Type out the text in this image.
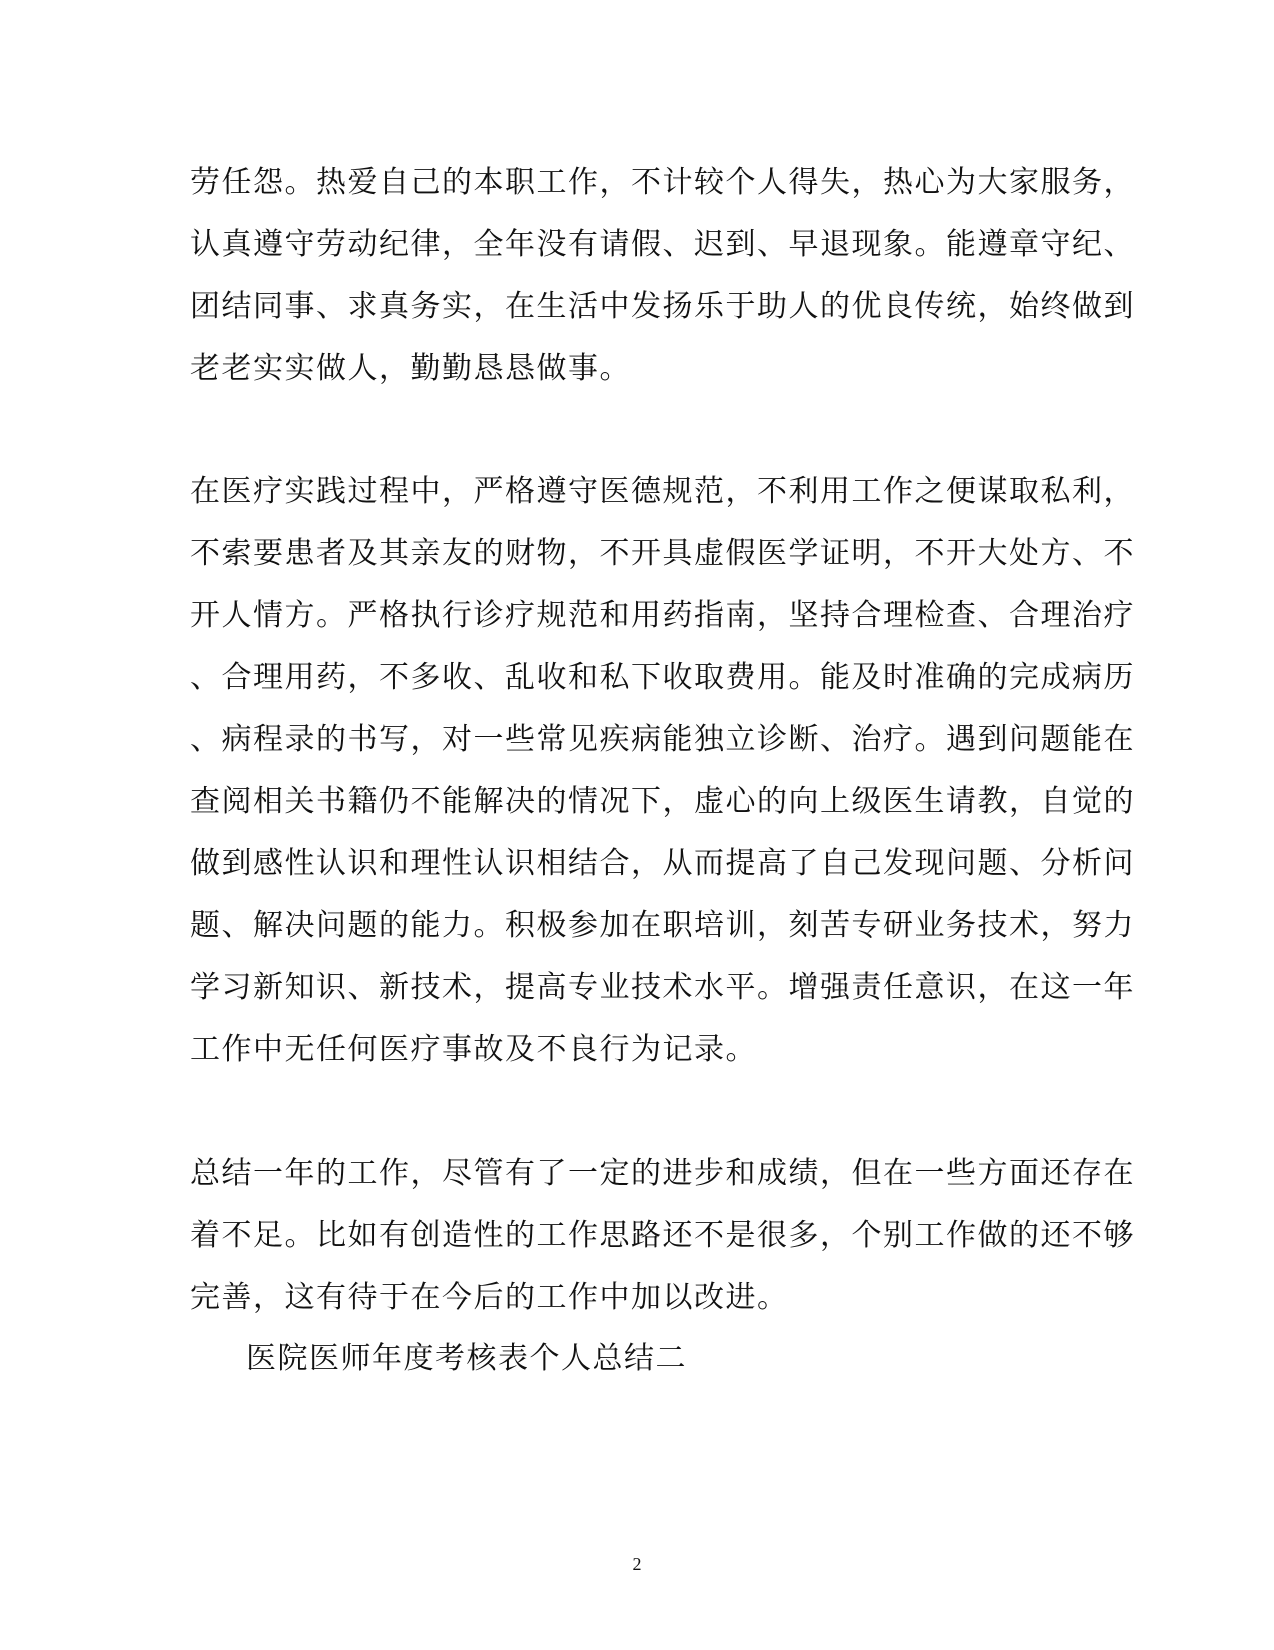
劳任怨。热爱自己的本职工作，不计较个人得失，热心为大家服务，
认真遵守劳动纪律，全年没有请假、迟到、早退现象。能遵章守纪、
团结同事、求真务实，在生活中发扬乐于助人的优良传统，始终做到
老老实实做人，勤勤恳恳做事。
在医疗实践过程中，严格遵守医德规范，不利用工作之便谋取私利，
不索要患者及其亲友的财物，不开具虚假医学证明，不开大处方、不
开人情方。严格执行诊疗规范和用药指南，坚持合理检查、合理治疗
、合理用药，不多收、乱收和私下收取费用。能及时准确的完成病历
、病程录的书写，对一些常见疾病能独立诊断、治疗。遇到问题能在
查阅相关书籍仍不能解决的情况下，虚心的向上级医生请教，自觉的
做到感性认识和理性认识相结合，从而提高了自己发现问题、分析问
题、解决问题的能力。积极参加在职培训，刻苦专研业务技术，努力
学习新知识、新技术，提高专业技术水平。增强责任意识，在这一年
工作中无任何医疗事故及不良行为记录。
总结一年的工作，尽管有了一定的进步和成绩，但在一些方面还存在
着不足。比如有创造性的工作思路还不是很多，个别工作做的还不够
完善，这有待于在今后的工作中加以改进。
医院医师年度考核表个人总结二
2
